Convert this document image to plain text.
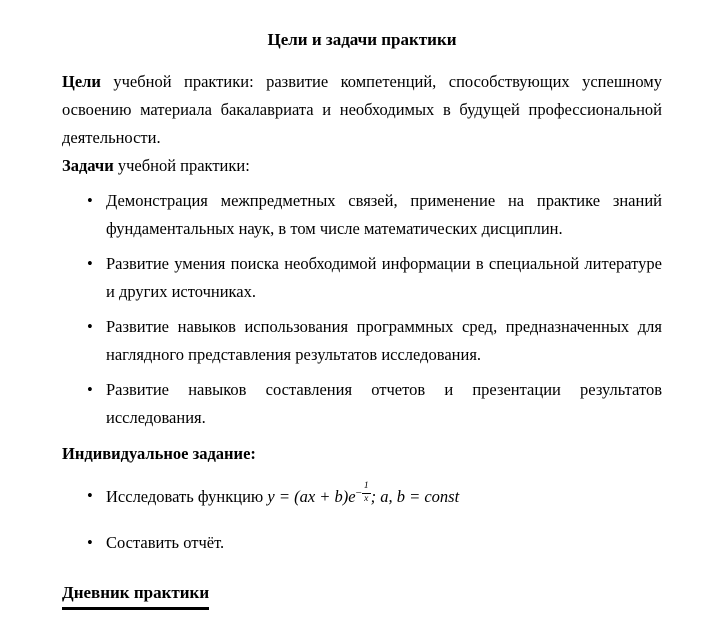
Цели и задачи практики

Цели учебной практики: развитие компетенций, способствующих успешному освоению материала бакалавриата и необходимых в будущей профессиональной деятельности.

Задачи учебной практики:

• Демонстрация межпредметных связей, применение на практике знаний фундаментальных наук, в том числе математических дисциплин.
• Развитие умения поиска необходимой информации в специальной литературе и других источниках.
• Развитие навыков использования программных сред, предназначенных для наглядного представления результатов исследования.
• Развитие навыков составления отчетов и презентации результатов исследования.

Индивидуальное задание:

• Исследовать функцию $y = (ax + b)e^{- \frac{1}{x}}$ ; a, b = const
• Составить отчёт.

Дневник практики
